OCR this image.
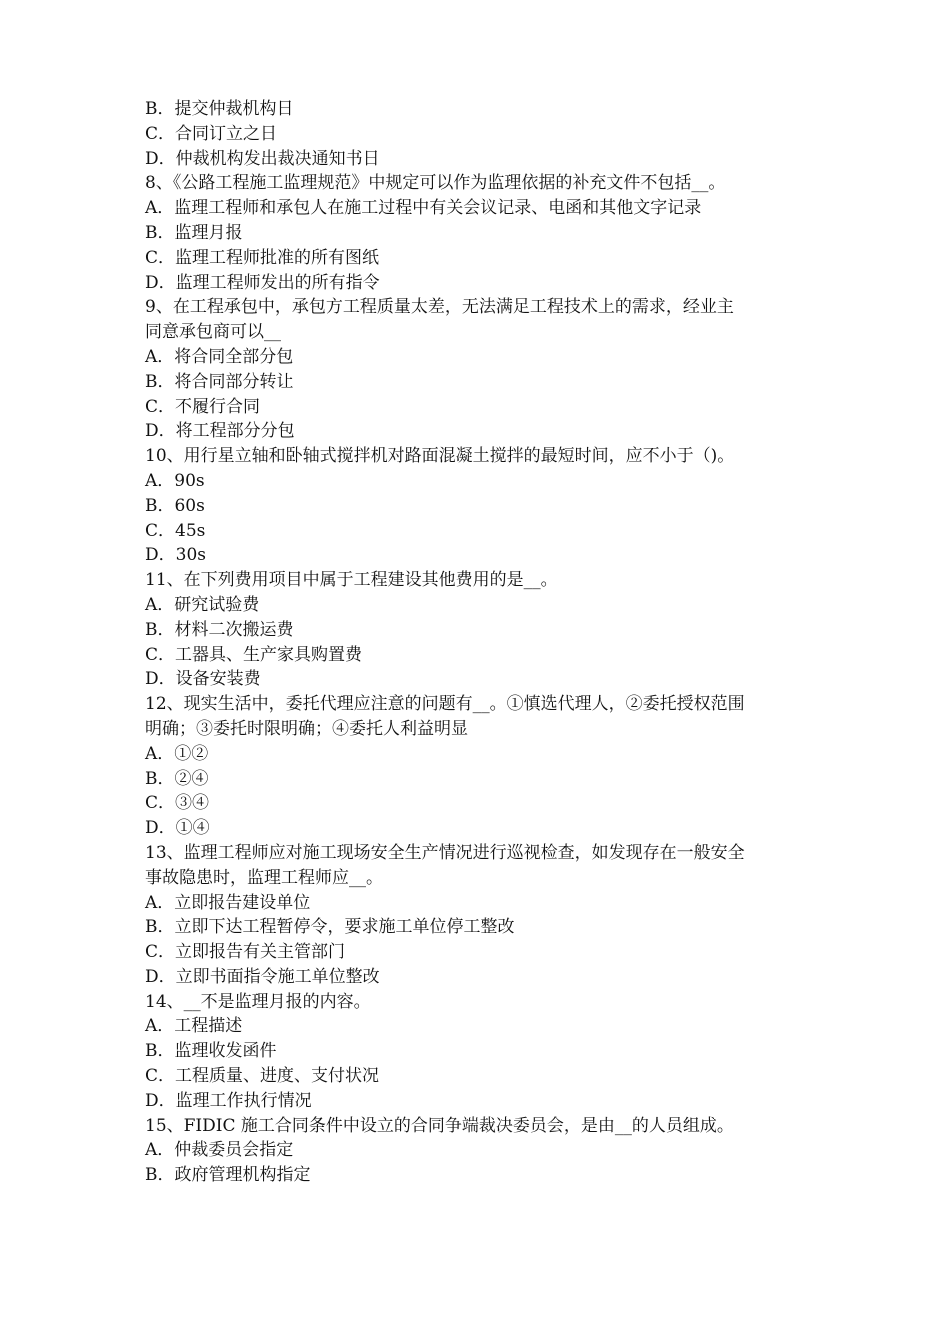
B．提交仲裁机构日
C．合同订立之日
D．仲裁机构发出裁决通知书日
8、《公路工程施工监理规范》中规定可以作为监理依据的补充文件不包括__。
A．监理工程师和承包人在施工过程中有关会议记录、电函和其他文字记录
B．监理月报
C．监理工程师批准的所有图纸
D．监理工程师发出的所有指令
9、在工程承包中，承包方工程质量太差，无法满足工程技术上的需求，经业主
同意承包商可以__
A．将合同全部分包
B．将合同部分转让
C．不履行合同
D．将工程部分分包
10、用行星立轴和卧轴式搅拌机对路面混凝土搅拌的最短时间，应不小于（)。
A．90s
B．60s
C．45s
D．30s
11、在下列费用项目中属于工程建设其他费用的是__。
A．研究试验费
B．材料二次搬运费
C．工器具、生产家具购置费
D．设备安装费
12、现实生活中，委托代理应注意的问题有__。①慎选代理人，②委托授权范围
明确；③委托时限明确；④委托人利益明显
A．①②
B．②④
C．③④
D．①④
13、监理工程师应对施工现场安全生产情况进行巡视检查，如发现存在一般安全
事故隐患时，监理工程师应__。
A．立即报告建设单位
B．立即下达工程暂停令，要求施工单位停工整改
C．立即报告有关主管部门
D．立即书面指令施工单位整改
14、__不是监理月报的内容。
A．工程描述
B．监理收发函件
C．工程质量、进度、支付状况
D．监理工作执行情况
15、FIDIC 施工合同条件中设立的合同争端裁决委员会，是由__的人员组成。
A．仲裁委员会指定
B．政府管理机构指定
